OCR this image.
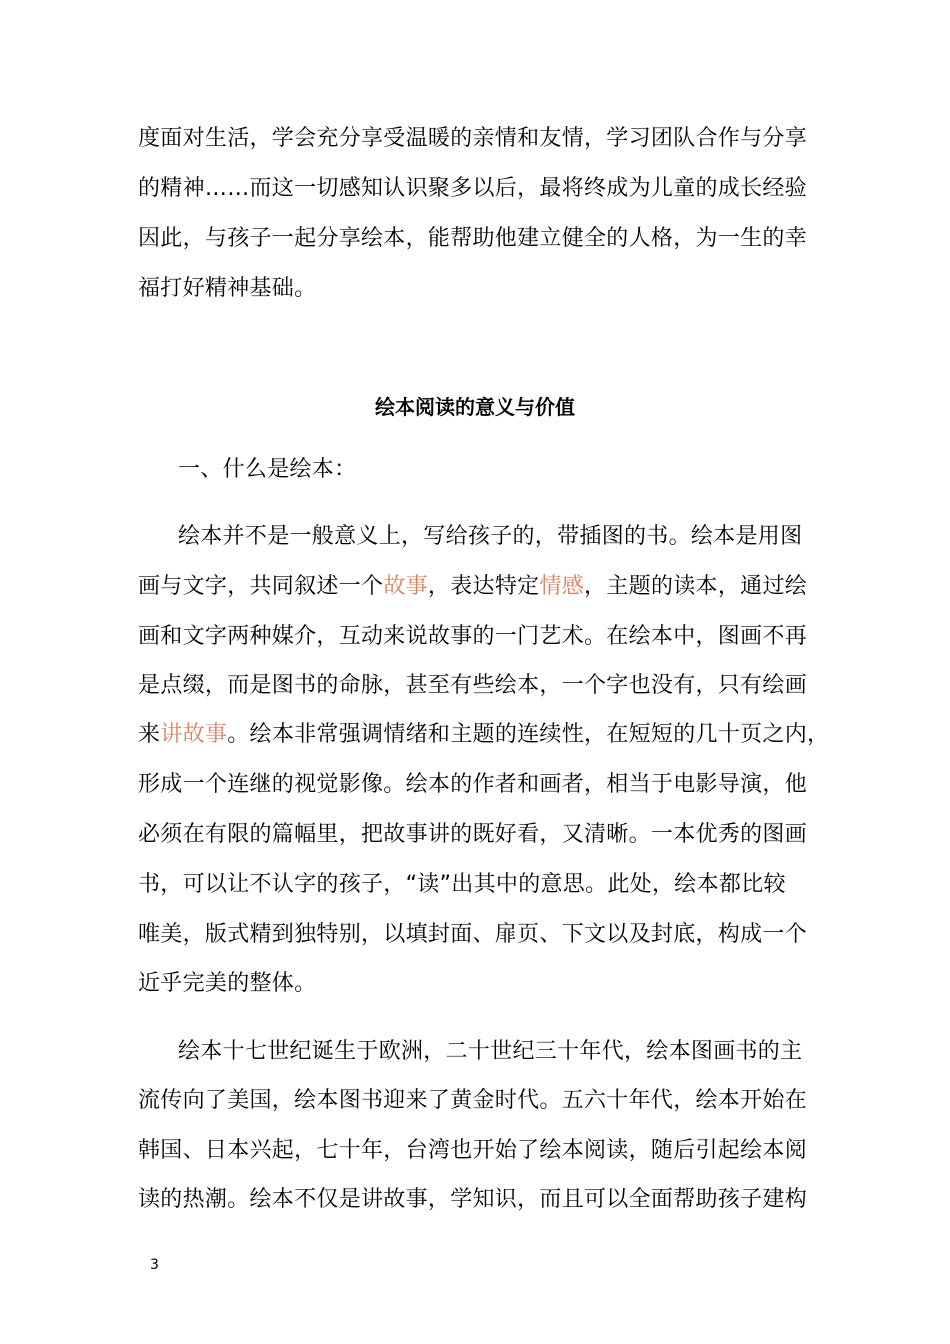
度面对生活，学会充分享受温暖的亲情和友情，学习团队合作与分享
的精神……而这一切感知认识聚多以后，最将终成为儿童的成长经验
因此，与孩子一起分享绘本，能帮助他建立健全的人格，为一生的幸
福打好精神基础。
绘本阅读的意义与价值
一、什么是绘本：
绘本并不是一般意义上，写给孩子的，带插图的书。绘本是用图
画与文字，共同叙述一个故事，表达特定情感，主题的读本，通过绘
画和文字两种媒介，互动来说故事的一门艺术。在绘本中，图画不再
是点缀，而是图书的命脉，甚至有些绘本，一个字也没有，只有绘画
来讲故事。绘本非常强调情绪和主题的连续性，在短短的几十页之内，
形成一个连继的视觉影像。绘本的作者和画者，相当于电影导演，他
必须在有限的篇幅里，把故事讲的既好看，又清晰。一本优秀的图画
书，可以让不认字的孩子，“读”出其中的意思。此处，绘本都比较
唯美，版式精到独特别，以填封面、扉页、下文以及封底，构成一个
近乎完美的整体。
绘本十七世纪诞生于欧洲，二十世纪三十年代，绘本图画书的主
流传向了美国，绘本图书迎来了黄金时代。五六十年代，绘本开始在
韩国、日本兴起，七十年，台湾也开始了绘本阅读，随后引起绘本阅
读的热潮。绘本不仅是讲故事，学知识，而且可以全面帮助孩子建构
3
